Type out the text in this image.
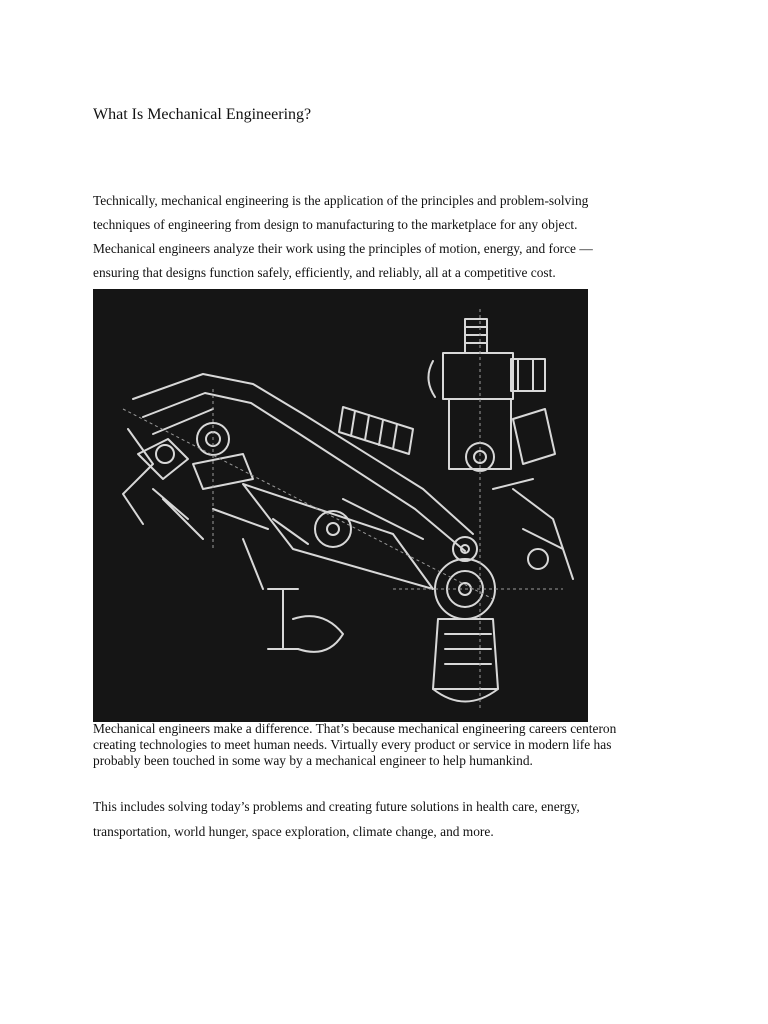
What Is Mechanical Engineering?
Technically, mechanical engineering is the application of the principles and problem-solving
techniques of engineering from design to manufacturing to the marketplace for any object.
Mechanical engineers analyze their work using the principles of motion, energy, and force —
ensuring that designs function safely, efficiently, and reliably, all at a competitive cost.
Mechanical engineers make a difference. That’s because mechanical engineering careers centeron
creating technologies to meet human needs. Virtually every product or service in modern life has
probably been touched in some way by a mechanical engineer to help humankind.
This includes solving today’s problems and creating future solutions in health care, energy,
transportation, world hunger, space exploration, climate change, and more.
